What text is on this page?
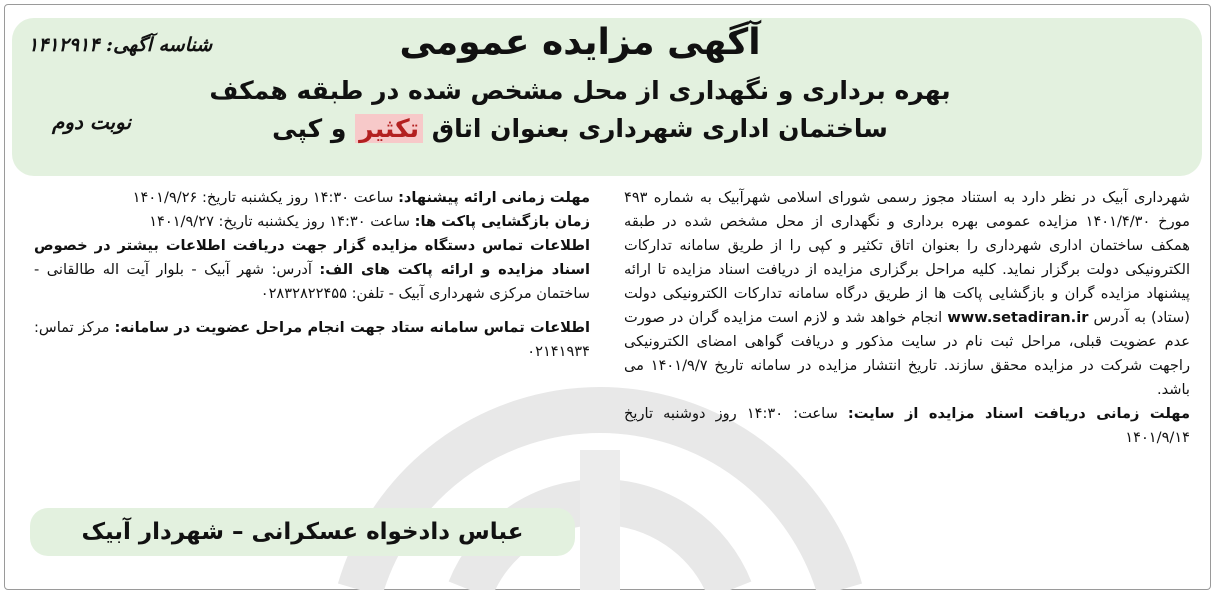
شناسه آگهی: ۱۴۱۲۹۱۴
نوبت دوم
آگهی مزایده عمومی
بهره برداری و نگهداری از محل مشخص شده در طبقه همکف
ساختمان اداری شهرداری بعنوان اتاق تکثیر و کپی

شهرداری آبیک در نظر دارد به استناد مجوز رسمی شورای اسلامی شهرآبیک به شماره ۴۹۳ مورخ ۱۴۰۱/۴/۳۰ مزایده عمومی بهره برداری و نگهداری از محل مشخص شده در طبقه همکف ساختمان اداری شهرداری را بعنوان اتاق تکثیر و کپی را از طریق سامانه تدارکات الکترونیکی دولت برگزار نماید. کلیه مراحل برگزاری مزایده از دریافت اسناد مزایده تا ارائه پیشنهاد مزایده گران و بازگشایی پاکت ها از طریق درگاه سامانه تدارکات الکترونیکی دولت (ستاد) به آدرس www.setadiran.ir انجام خواهد شد و لازم است مزایده گران در صورت عدم عضویت قبلی، مراحل ثبت نام در سایت مذکور و دریافت گواهی امضای الکترونیکی راجهت شرکت در مزایده محقق سازند. تاریخ انتشار مزایده در سامانه تاریخ ۱۴۰۱/۹/۷ می باشد.

مهلت زمانی دریافت اسناد مزایده از سایت: ساعت: ۱۴:۳۰ روز دوشنبه تاریخ ۱۴۰۱/۹/۱۴

مهلت زمانی ارائه پیشنهاد: ساعت ۱۴:۳۰ روز یکشنبه تاریخ: ۱۴۰۱/۹/۲۶

زمان بازگشایی پاکت ها: ساعت ۱۴:۳۰ روز یکشنبه تاریخ: ۱۴۰۱/۹/۲۷

اطلاعات تماس دستگاه مزایده گزار جهت دریافت اطلاعات بیشتر در خصوص اسناد مزایده و ارائه پاکت های الف: آدرس: شهر آبیک - بلوار آیت اله طالقانی - ساختمان مرکزی شهرداری آبیک - تلفن: ۰۲۸۳۲۸۲۲۴۵۵

اطلاعات تماس سامانه ستاد جهت انجام مراحل عضویت در سامانه: مرکز تماس: ۰۲۱۴۱۹۳۴

عباس دادخواه عسکرانی – شهردار آبیک
